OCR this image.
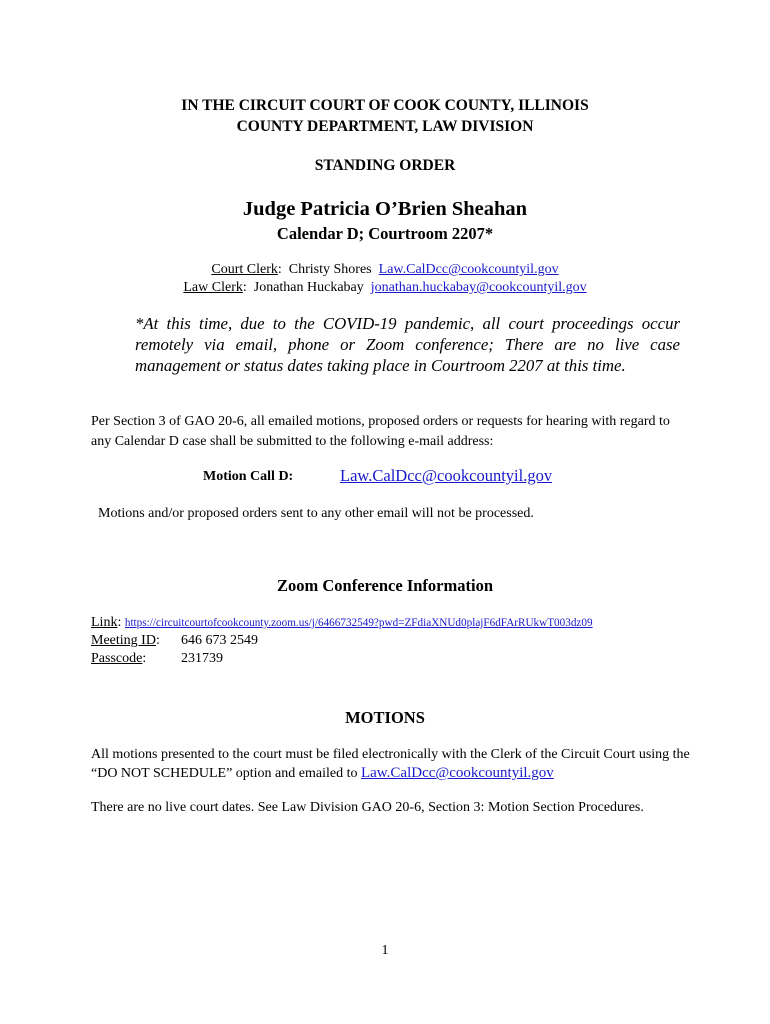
IN THE CIRCUIT COURT OF COOK COUNTY, ILLINOIS
COUNTY DEPARTMENT, LAW DIVISION
STANDING ORDER
Judge Patricia O’Brien Sheahan
Calendar D; Courtroom 2207*
Court Clerk:  Christy Shores  Law.CalDcc@cookcountyil.gov
Law Clerk:  Jonathan Huckabay  jonathan.huckabay@cookcountyil.gov
*At this time, due to the COVID-19 pandemic, all court proceedings occur remotely via email, phone or Zoom conference; There are no live case management or status dates taking place in Courtroom 2207 at this time.
Per Section 3 of GAO 20-6, all emailed motions, proposed orders or requests for hearing with regard to any Calendar D case shall be submitted to the following e-mail address:
Motion Call D:	Law.CalDcc@cookcountyil.gov
Motions and/or proposed orders sent to any other email will not be processed.
Zoom Conference Information
Link: https://circuitcourtofcookcounty.zoom.us/j/6466732549?pwd=ZFdiaXNUd0plajF6dFArRUkwT003dz09
Meeting ID: 646 673 2549
Passcode: 231739
MOTIONS
All motions presented to the court must be filed electronically with the Clerk of the Circuit Court using the “DO NOT SCHEDULE” option and emailed to Law.CalDcc@cookcountyil.gov
There are no live court dates. See Law Division GAO 20-6, Section 3: Motion Section Procedures.
1
